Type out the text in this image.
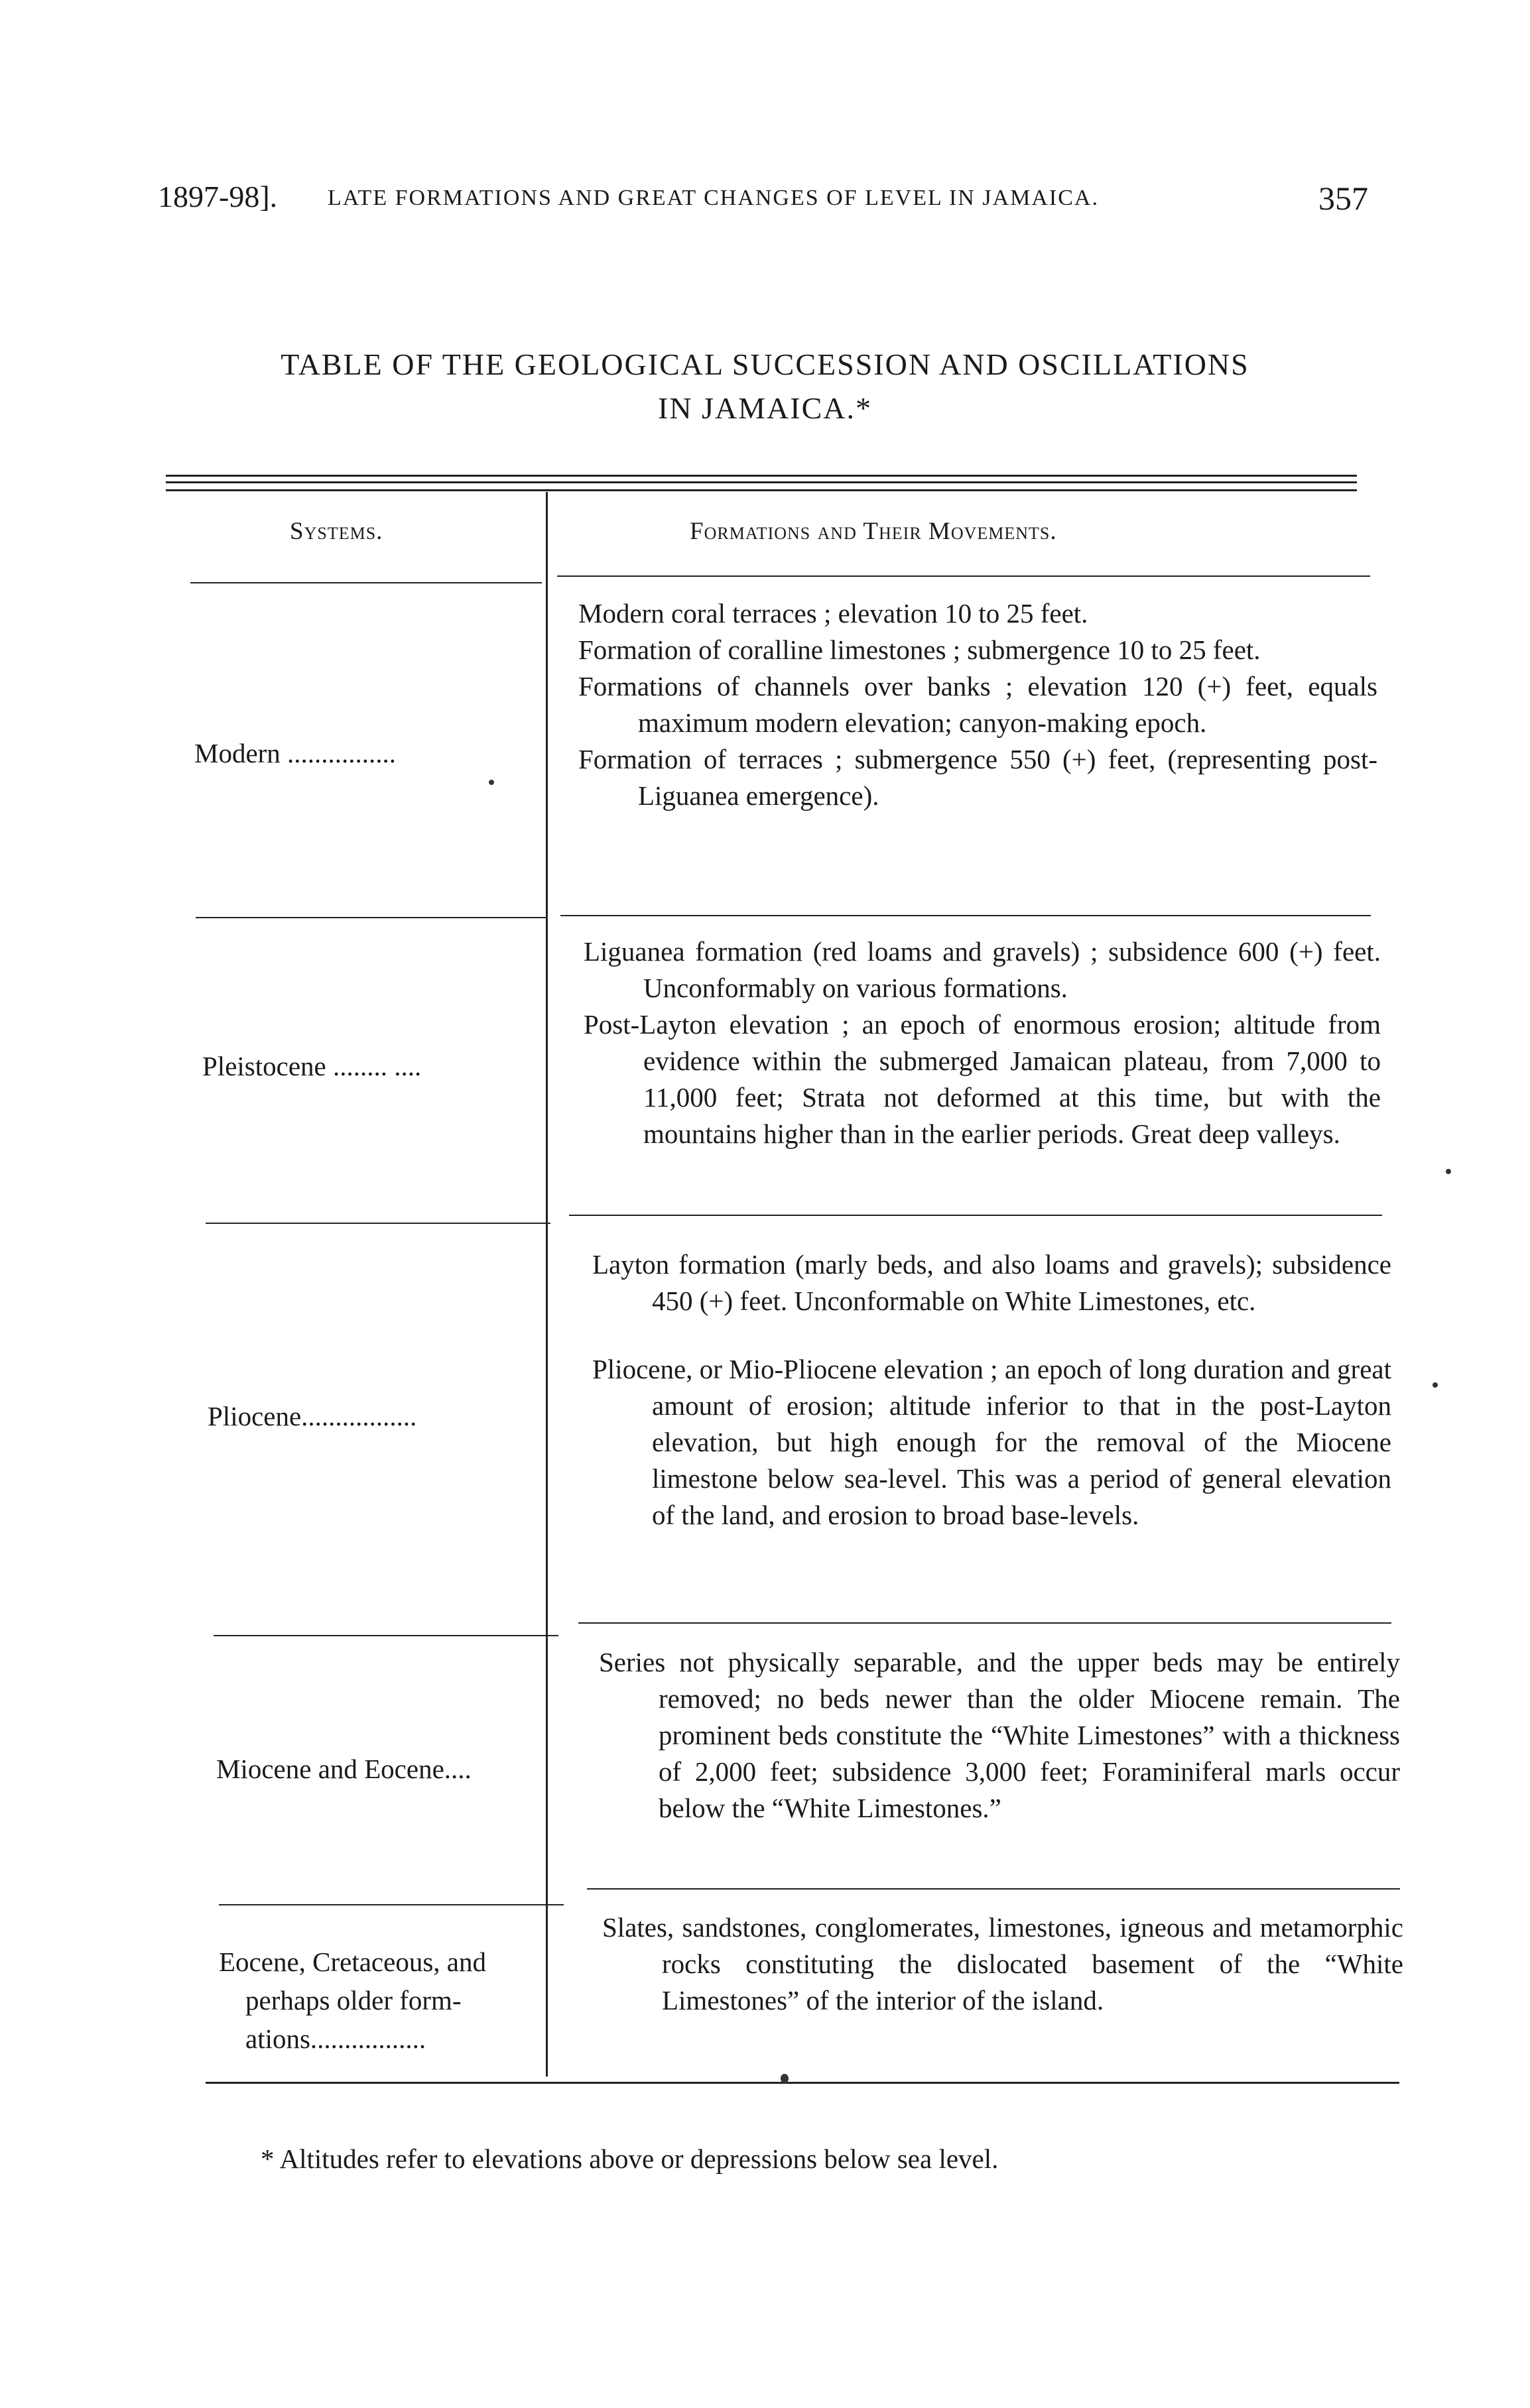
1897-98]. LATE FORMATIONS AND GREAT CHANGES OF LEVEL IN JAMAICA.	357
TABLE OF THE GEOLOGICAL SUCCESSION AND OSCILLATIONS
IN JAMAICA.*
Systems.	Formations and Their Movements.
Modern ................

Modern coral terraces ; elevation 10 to 25 feet.

Formation of coralline limestones ; submergence 10 to 25 feet.

Formations of channels over banks ; elevation 120 (+) feet, equals maximum modern elevation; canyon-making epoch.

Formation of terraces ; submergence 550 (+) feet, (representing post-Liguanea emergence).

Pleistocene ........ ....

Liguanea formation (red loams and gravels) ; subsidence 600 (+) feet. Unconformably on various formations.

Post-Layton elevation ; an epoch of enormous erosion; altitude from evidence within the submerged Jamaican plateau, from 7,000 to 11,000 feet; Strata not deformed at this time, but with the mountains higher than in the earlier periods. Great deep valleys.

Pliocene.................

Layton formation (marly beds, and also loams and gravels); subsidence 450 (+) feet. Unconformable on White Limestones, etc.

Pliocene, or Mio-Pliocene elevation ; an epoch of long duration and great amount of erosion; altitude inferior to that in the post-Layton elevation, but high enough for the removal of the Miocene limestone below sea-level. This was a period of general elevation of the land, and erosion to broad base-levels.

Miocene and Eocene....

Series not physically separable, and the upper beds may be entirely removed; no beds newer than the older Miocene remain. The prominent beds constitute the “White Limestones” with a thickness of 2,000 feet; subsidence 3,000 feet; Foraminiferal marls occur below the “White Limestones.”

Eocene, Cretaceous, and
perhaps older form-
ations.................

Slates, sandstones, conglomerates, limestones, igneous and metamorphic rocks constituting the dislocated basement of the “White Limestones” of the interior of the island.

* Altitudes refer to elevations above or depressions below sea level.
